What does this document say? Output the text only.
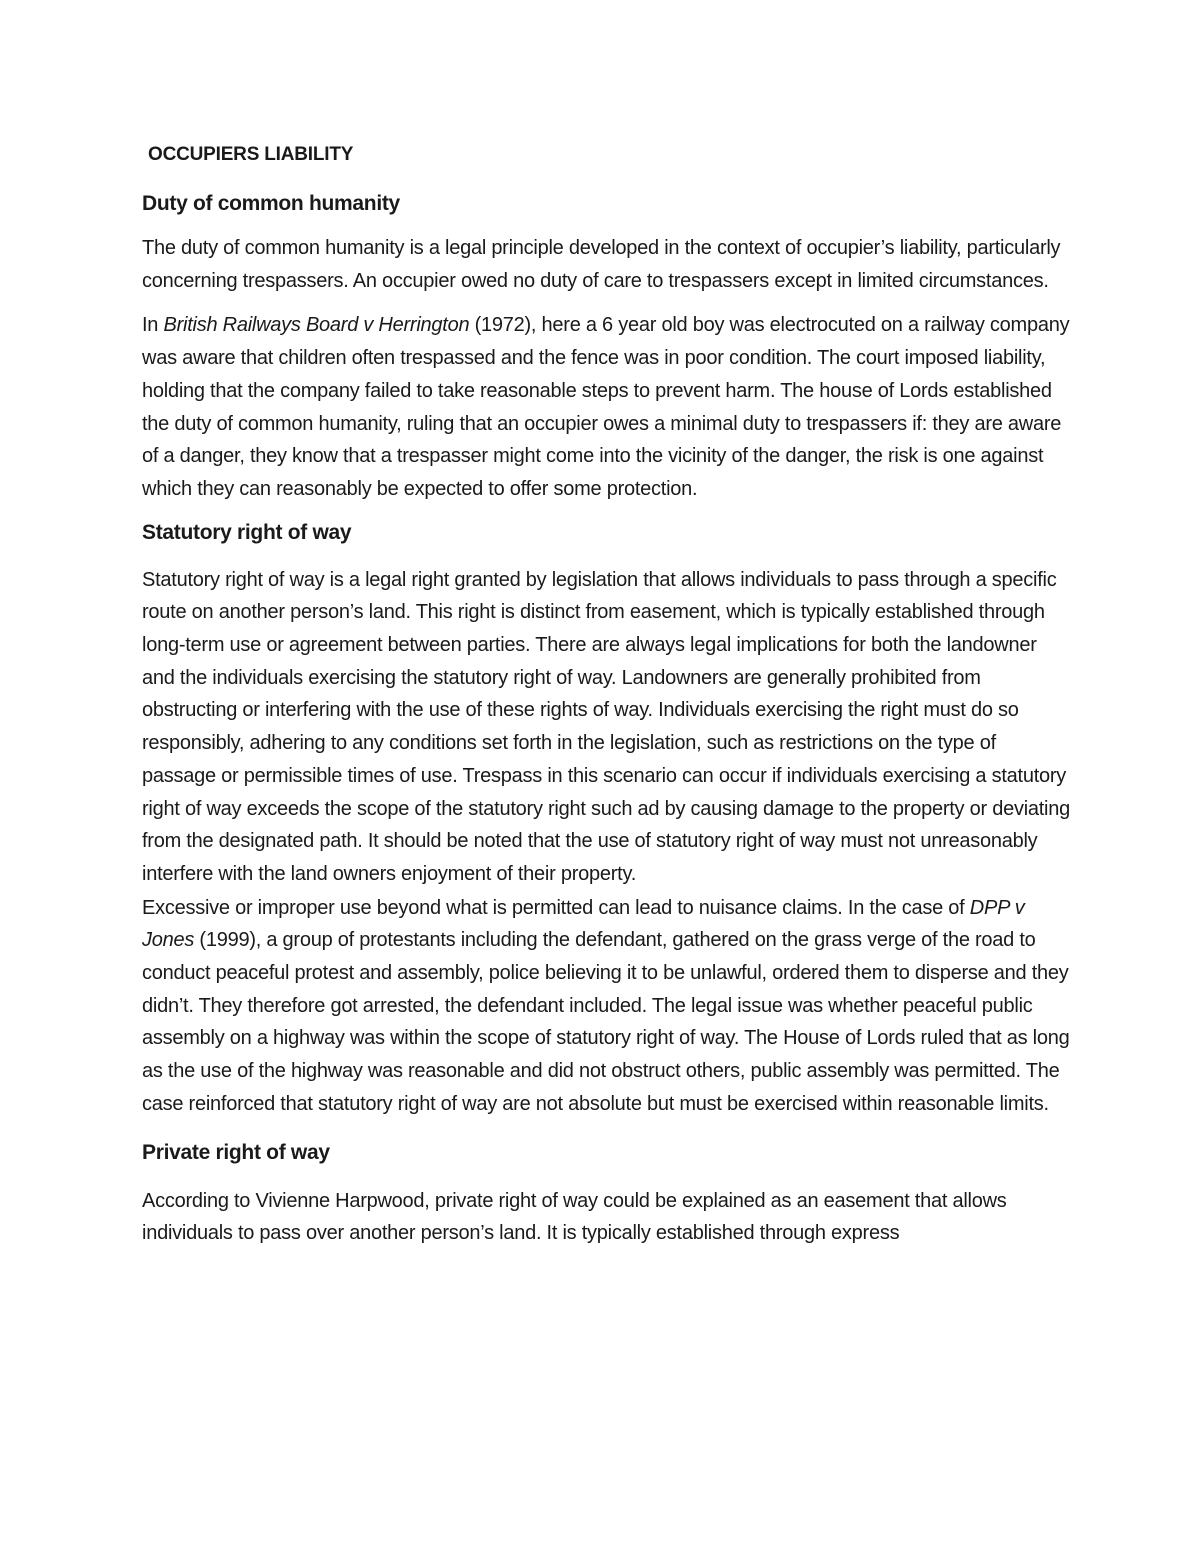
OCCUPIERS LIABILITY
Duty of common humanity

The duty of common humanity is a legal principle developed in the context of occupier’s liability, particularly concerning trespassers. An occupier owed no duty of care to trespassers except in limited circumstances.

In British Railways Board v Herrington (1972), here a 6 year old boy was electrocuted on a railway company was aware that children often trespassed and the fence was in poor condition. The court imposed liability, holding that the company failed to take reasonable steps to prevent harm. The house of Lords established the duty of common humanity, ruling that an occupier owes a minimal duty to trespassers if: they are aware of a danger, they know that a trespasser might come into the vicinity of the danger, the risk is one against which they can reasonably be expected to offer some protection.

Statutory right of way

Statutory right of way is a legal right granted by legislation that allows individuals to pass through a specific route on another person’s land. This right is distinct from easement, which is typically established through long-term use or agreement between parties. There are always legal implications for both the landowner and the individuals exercising the statutory right of way. Landowners are generally prohibited from obstructing or interfering with the use of these rights of way. Individuals exercising the right must do so responsibly, adhering to any conditions set forth in the legislation, such as restrictions on the type of passage or permissible times of use. Trespass in this scenario can occur if individuals exercising a statutory right of way exceeds the scope of the statutory right such ad by causing damage to the property or deviating from the designated path. It should be noted that the use of statutory right of way must not unreasonably interfere with the land owners enjoyment of their property.

Excessive or improper use beyond what is permitted can lead to nuisance claims. In the case of DPP v Jones (1999), a group of protestants including the defendant, gathered on the grass verge of the road to conduct peaceful protest and assembly, police believing it to be unlawful, ordered them to disperse and they didn’t. They therefore got arrested, the defendant included. The legal issue was whether peaceful public assembly on a highway was within the scope of statutory right of way. The House of Lords ruled that as long as the use of the highway was reasonable and did not obstruct others, public assembly was permitted. The case reinforced that statutory right of way are not absolute but must be exercised within reasonable limits.

Private right of way

According to Vivienne Harpwood, private right of way could be explained as an easement that allows individuals to pass over another person’s land. It is typically established through express
